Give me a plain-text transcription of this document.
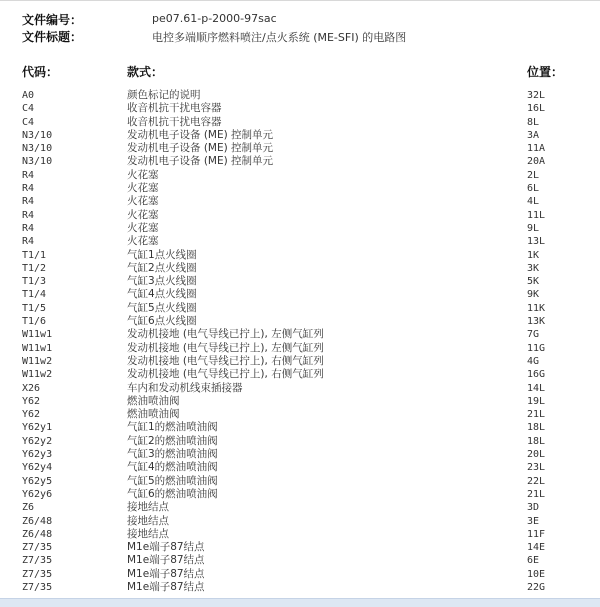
文件编号：	pe07.61-p-2000-97sac
文件标题：	电控多端顺序燃料喷注/点火系统 (ME-SFI) 的电路图
代码：	款式：	位置：
A0	颜色标记的说明	32L
C4	收音机抗干扰电容器	16L
C4	收音机抗干扰电容器	8L
N3/10	发动机电子设备 (ME) 控制单元	3A
N3/10	发动机电子设备 (ME) 控制单元	11A
N3/10	发动机电子设备 (ME) 控制单元	20A
R4	火花塞	2L
R4	火花塞	6L
R4	火花塞	4L
R4	火花塞	11L
R4	火花塞	9L
R4	火花塞	13L
T1/1	气缸1点火线圈	1K
T1/2	气缸2点火线圈	3K
T1/3	气缸3点火线圈	5K
T1/4	气缸4点火线圈	9K
T1/5	气缸5点火线圈	11K
T1/6	气缸6点火线圈	13K
W11w1	发动机接地 (电气导线已拧上), 左侧气缸列	7G
W11w1	发动机接地 (电气导线已拧上), 左侧气缸列	11G
W11w2	发动机接地 (电气导线已拧上), 右侧气缸列	4G
W11w2	发动机接地 (电气导线已拧上), 右侧气缸列	16G
X26	车内和发动机线束插接器	14L
Y62	燃油喷油阀	19L
Y62	燃油喷油阀	21L
Y62y1	气缸1的燃油喷油阀	18L
Y62y2	气缸2的燃油喷油阀	18L
Y62y3	气缸3的燃油喷油阀	20L
Y62y4	气缸4的燃油喷油阀	23L
Y62y5	气缸5的燃油喷油阀	22L
Y62y6	气缸6的燃油喷油阀	21L
Z6	接地结点	3D
Z6/48	接地结点	3E
Z6/48	接地结点	11F
Z7/35	M1e端子87结点	14E
Z7/35	M1e端子87结点	6E
Z7/35	M1e端子87结点	10E
Z7/35	M1e端子87结点	22G
